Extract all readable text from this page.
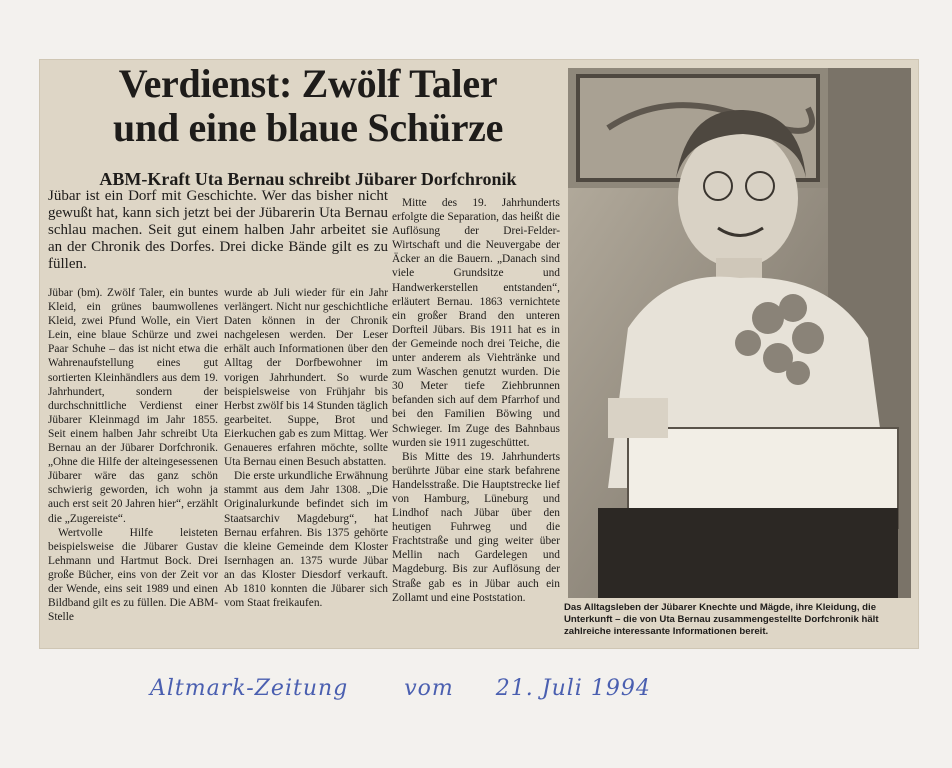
Verdienst: Zwölf Taler
und eine blaue Schürze
ABM-Kraft Uta Bernau schreibt Jübarer Dorfchronik
Jübar ist ein Dorf mit Geschichte. Wer das bisher nicht gewußt hat, kann sich jetzt bei der Jübarerin Uta Bernau schlau machen. Seit gut einem halben Jahr arbeitet sie an der Chronik des Dorfes. Drei dicke Bände gilt es zu füllen.

Jübar (bm). Zwölf Taler, ein buntes Kleid, ein grünes baumwollenes Kleid, zwei Pfund Wolle, ein Viert Lein, eine blaue Schürze und zwei Paar Schuhe – das ist nicht etwa die Wahrenaufstellung eines gut sortierten Kleinhändlers aus dem 19. Jahrhundert, sondern der durchschnittliche Verdienst einer Jübarer Kleinmagd im Jahr 1855. Seit einem halben Jahr schreibt Uta Bernau an der Jübarer Dorfchronik. „Ohne die Hilfe der alteingesessenen Jübarer wäre das ganz schön schwierig geworden, ich wohn ja auch erst seit 20 Jahren hier“, erzählt die „Zugereiste“.

Wertvolle Hilfe leisteten beispielsweise die Jübarer Gustav Lehmann und Hartmut Bock. Drei große Bücher, eins von der Zeit vor der Wende, eins seit 1989 und einen Bildband gilt es zu füllen. Die ABM-Stelle

wurde ab Juli wieder für ein Jahr verlängert. Nicht nur geschichtliche Daten können in der Chronik nachgelesen werden. Der Leser erhält auch Informationen über den Alltag der Dorfbewohner im vorigen Jahrhundert. So wurde beispielsweise von Frühjahr bis Herbst zwölf bis 14 Stunden täglich gearbeitet. Suppe, Brot und Eierkuchen gab es zum Mittag. Wer Genaueres erfahren möchte, sollte Uta Bernau einen Besuch abstatten.

Die erste urkundliche Erwähnung stammt aus dem Jahr 1308. „Die Originalurkunde befindet sich im Staatsarchiv Magdeburg“, hat Bernau erfahren. Bis 1375 gehörte die kleine Gemeinde dem Kloster Isernhagen an. 1375 wurde Jübar an das Kloster Diesdorf verkauft. Ab 1810 konnten die Jübarer sich vom Staat freikaufen.

Mitte des 19. Jahrhunderts erfolgte die Separation, das heißt die Auflösung der Drei-Felder-Wirtschaft und die Neuvergabe der Äcker an die Bauern. „Danach sind viele Grundsitze und Handwerkerstellen entstanden“, erläutert Bernau. 1863 vernichtete ein großer Brand den unteren Dorfteil Jübars. Bis 1911 hat es in der Gemeinde noch drei Teiche, die unter anderem als Viehtränke und zum Waschen genutzt wurden. Die 30 Meter tiefe Ziehbrunnen befanden sich auf dem Pfarrhof und bei den Familien Böwing und Schwieger. Im Zuge des Bahnbaus wurden sie 1911 zugeschüttet.

Bis Mitte des 19. Jahrhunderts berührte Jübar eine stark befahrene Handelsstraße. Die Hauptstrecke lief von Hamburg, Lüneburg und Lindhof nach Jübar über den heutigen Fuhrweg und die Frachtstraße und ging weiter über Mellin nach Gardelegen und Magdeburg. Bis zur Auflösung der Straße gab es in Jübar auch ein Zollamt und eine Poststation.

Das Alltagsleben der Jübarer Knechte und Mägde, ihre Kleidung, die Unterkunft – die von Uta Bernau zusammengestellte Dorfchronik hält zahlreiche interessante Informationen bereit.
Altmark-Zeitung	vom 21. Juli 1994
